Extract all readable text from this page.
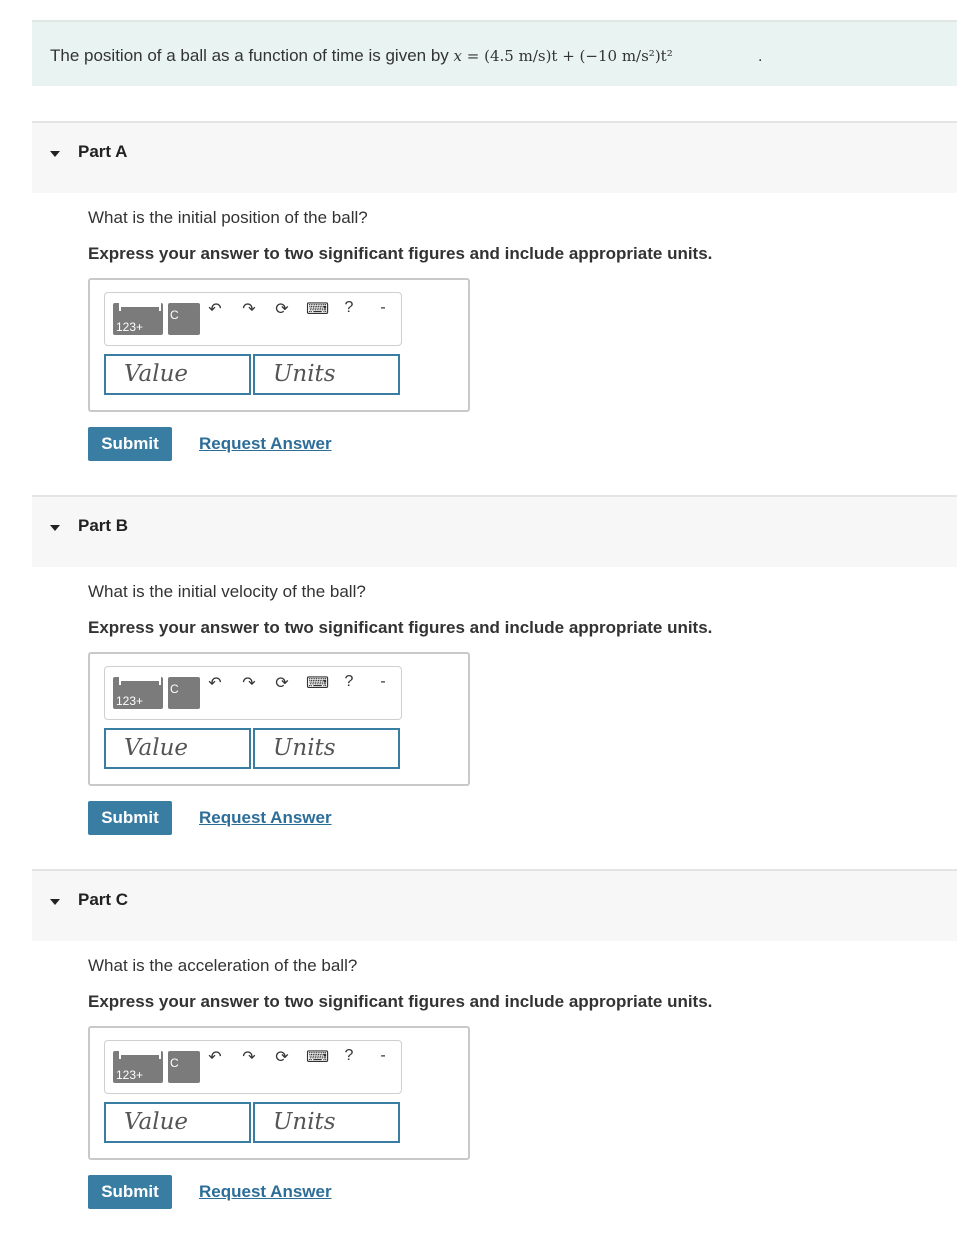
The position of a ball as a function of time is given by x = (4.5 m/s)t + (−10 m/s²)t²	.
Part A
What is the initial position of the ball?
Express your answer to two significant figures and include appropriate units.
123+
C ↶ ↷ ⟳ ⌨ ?	-
Value	Units
Submit	Request Answer
Part B
What is the initial velocity of the ball?
Express your answer to two significant figures and include appropriate units.
123+
C ↶ ↷ ⟳ ⌨ ?	-
Value	Units
Submit	Request Answer
Part C
What is the acceleration of the ball?
Express your answer to two significant figures and include appropriate units.
123+
C ↶ ↷ ⟳ ⌨ ?	-
Value	Units
Submit	Request Answer
